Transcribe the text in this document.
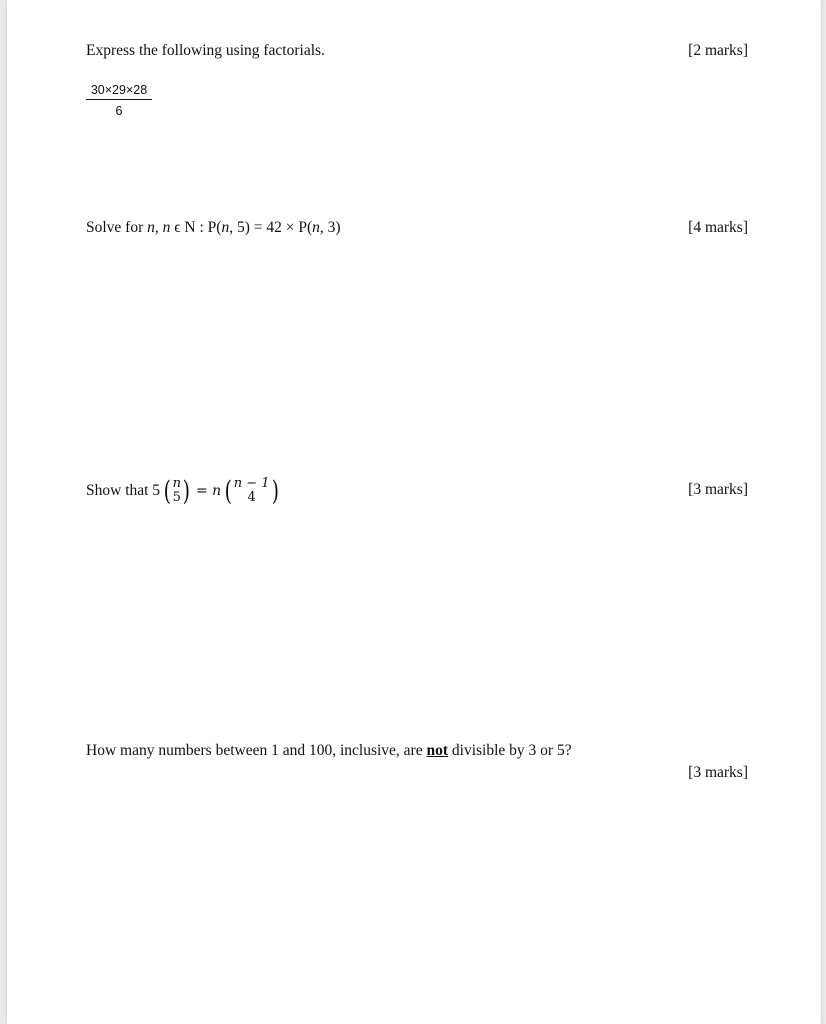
Express the following using factorials.	[2 marks]
$\frac{30\times 29\times 28}{6}$
Solve for n, n ϵ N : P(n, 5) = 42 × P(n, 3)	[4 marks]
Show that 5 ( n
5 ) = n ( n − 1
4 )	[3 marks]
How many numbers between 1 and 100, inclusive, are not divisible by 3 or 5?
[3 marks]
